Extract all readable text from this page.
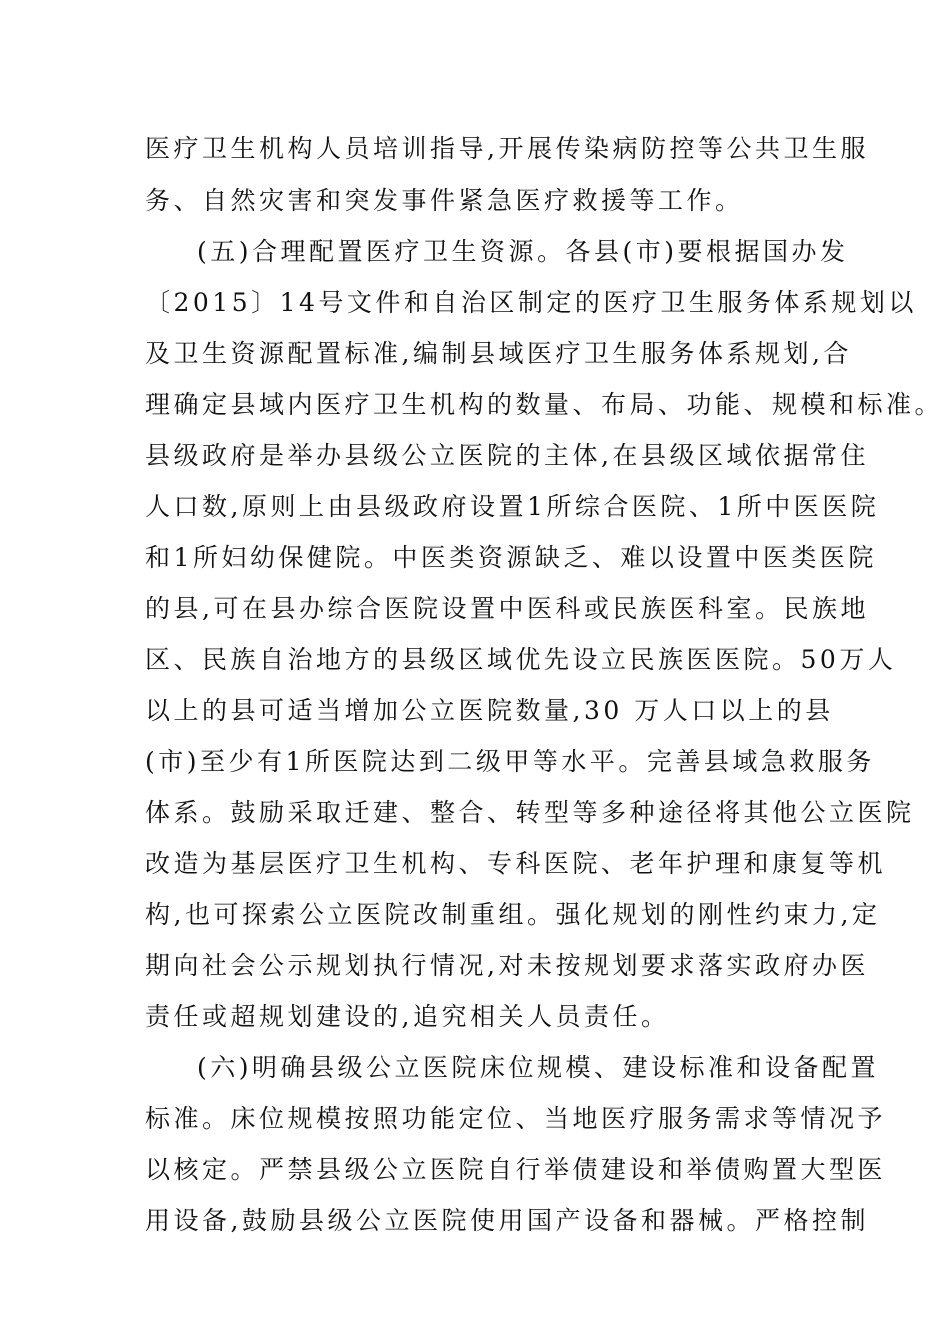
医疗卫生机构人员培训指导,开展传染病防控等公共卫生服
务、自然灾害和突发事件紧急医疗救援等工作。
(五)合理配置医疗卫生资源。各县(市)要根据国办发
〔2015〕14号文件和自治区制定的医疗卫生服务体系规划以
及卫生资源配置标准,编制县域医疗卫生服务体系规划,合
理确定县域内医疗卫生机构的数量、布局、功能、规模和标准。
县级政府是举办县级公立医院的主体,在县级区域依据常住
人口数,原则上由县级政府设置1所综合医院、1所中医医院
和1所妇幼保健院。中医类资源缺乏、难以设置中医类医院
的县,可在县办综合医院设置中医科或民族医科室。民族地
区、民族自治地方的县级区域优先设立民族医医院。50万人
以上的县可适当增加公立医院数量,30 万人口以上的县
(市)至少有1所医院达到二级甲等水平。完善县域急救服务
体系。鼓励采取迁建、整合、转型等多种途径将其他公立医院
改造为基层医疗卫生机构、专科医院、老年护理和康复等机
构,也可探索公立医院改制重组。强化规划的刚性约束力,定
期向社会公示规划执行情况,对未按规划要求落实政府办医
责任或超规划建设的,追究相关人员责任。
(六)明确县级公立医院床位规模、建设标准和设备配置
标准。床位规模按照功能定位、当地医疗服务需求等情况予
以核定。严禁县级公立医院自行举债建设和举债购置大型医
用设备,鼓励县级公立医院使用国产设备和器械。严格控制
